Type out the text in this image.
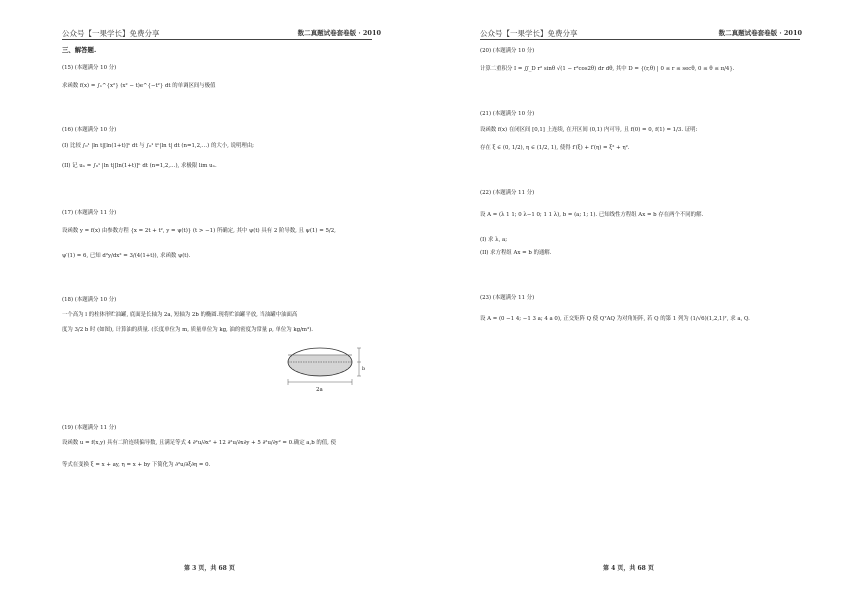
公众号【一果学长】免费分享	数二真题试卷套卷版 · 2010
三、解答题.
(15) (本题满分 10 分)
求函数 f(x) = ∫₁^{x²} (x² − t)e^{−t²} dt 的单调区间与极值
(16) (本题满分 10 分)
(I) 比较 ∫₀¹ |ln t|[ln(1+t)]ⁿ dt 与 ∫₀¹ tⁿ|ln t| dt (n=1,2,…) 的大小, 说明理由;
(II) 记 uₙ = ∫₀¹ |ln t|[ln(1+t)]ⁿ dt (n=1,2,…), 求极限 lim uₙ.
(17) (本题满分 11 分)
设函数 y = f(x) 由参数方程 {x = 2t + t², y = ψ(t)} (t > −1) 所确定, 其中 ψ(t) 具有 2 阶导数, 且 ψ(1) = 5/2,
ψ′(1) = 6, 已知 d²y/dx² = 3/(4(1+t)), 求函数 ψ(t).
(18) (本题满分 10 分)
一个高为 l 的柱体形贮油罐, 底面是长轴为 2a, 短轴为 2b 的椭圆.现将贮油罐平放, 当油罐中油面高
度为 3/2 b 时 (如图), 计算油的质量. (长度单位为 m, 质量单位为 kg, 油的密度为常量 ρ, 单位为 kg/m³).
b
2a
(19) (本题满分 11 分)
设函数 u = f(x,y) 具有二阶连续偏导数, 且满足等式 4 ∂²u/∂x² + 12 ∂²u/∂x∂y + 5 ∂²u/∂y² = 0.确定 a,b 的值, 使
等式在变换 ξ = x + ay, η = x + by 下简化为 ∂²u/∂ξ∂η = 0.
第 3 页，共 68 页
公众号【一果学长】免费分享	数二真题试卷套卷版 · 2010
(20) (本题满分 10 分)
计算二重积分 I = ∬_D r² sinθ √(1 − r²cos2θ) dr dθ, 其中 D = {(r,θ) | 0 ≤ r ≤ secθ, 0 ≤ θ ≤ π/4}.
(21) (本题满分 10 分)
设函数 f(x) 在闭区间 [0,1] 上连续, 在开区间 (0,1) 内可导, 且 f(0) = 0, f(1) = 1/3. 证明:
存在 ξ ∈ (0, 1/2), η ∈ (1/2, 1), 使得 f′(ξ) + f′(η) = ξ² + η².
(22) (本题满分 11 分)
设 A = (λ 1 1; 0 λ−1 0; 1 1 λ), b = (a; 1; 1). 已知线性方程组 Ax = b 存在两个不同的解.
(I) 求 λ, a;
(II) 求方程组 Ax = b 的通解.
(23) (本题满分 11 分)
设 A = (0 −1 4; −1 3 a; 4 a 0), 正交矩阵 Q 使 QᵀAQ 为对角矩阵, 若 Q 的第 1 列为 (1/√6)(1,2,1)ᵀ, 求 a, Q.
第 4 页，共 68 页
